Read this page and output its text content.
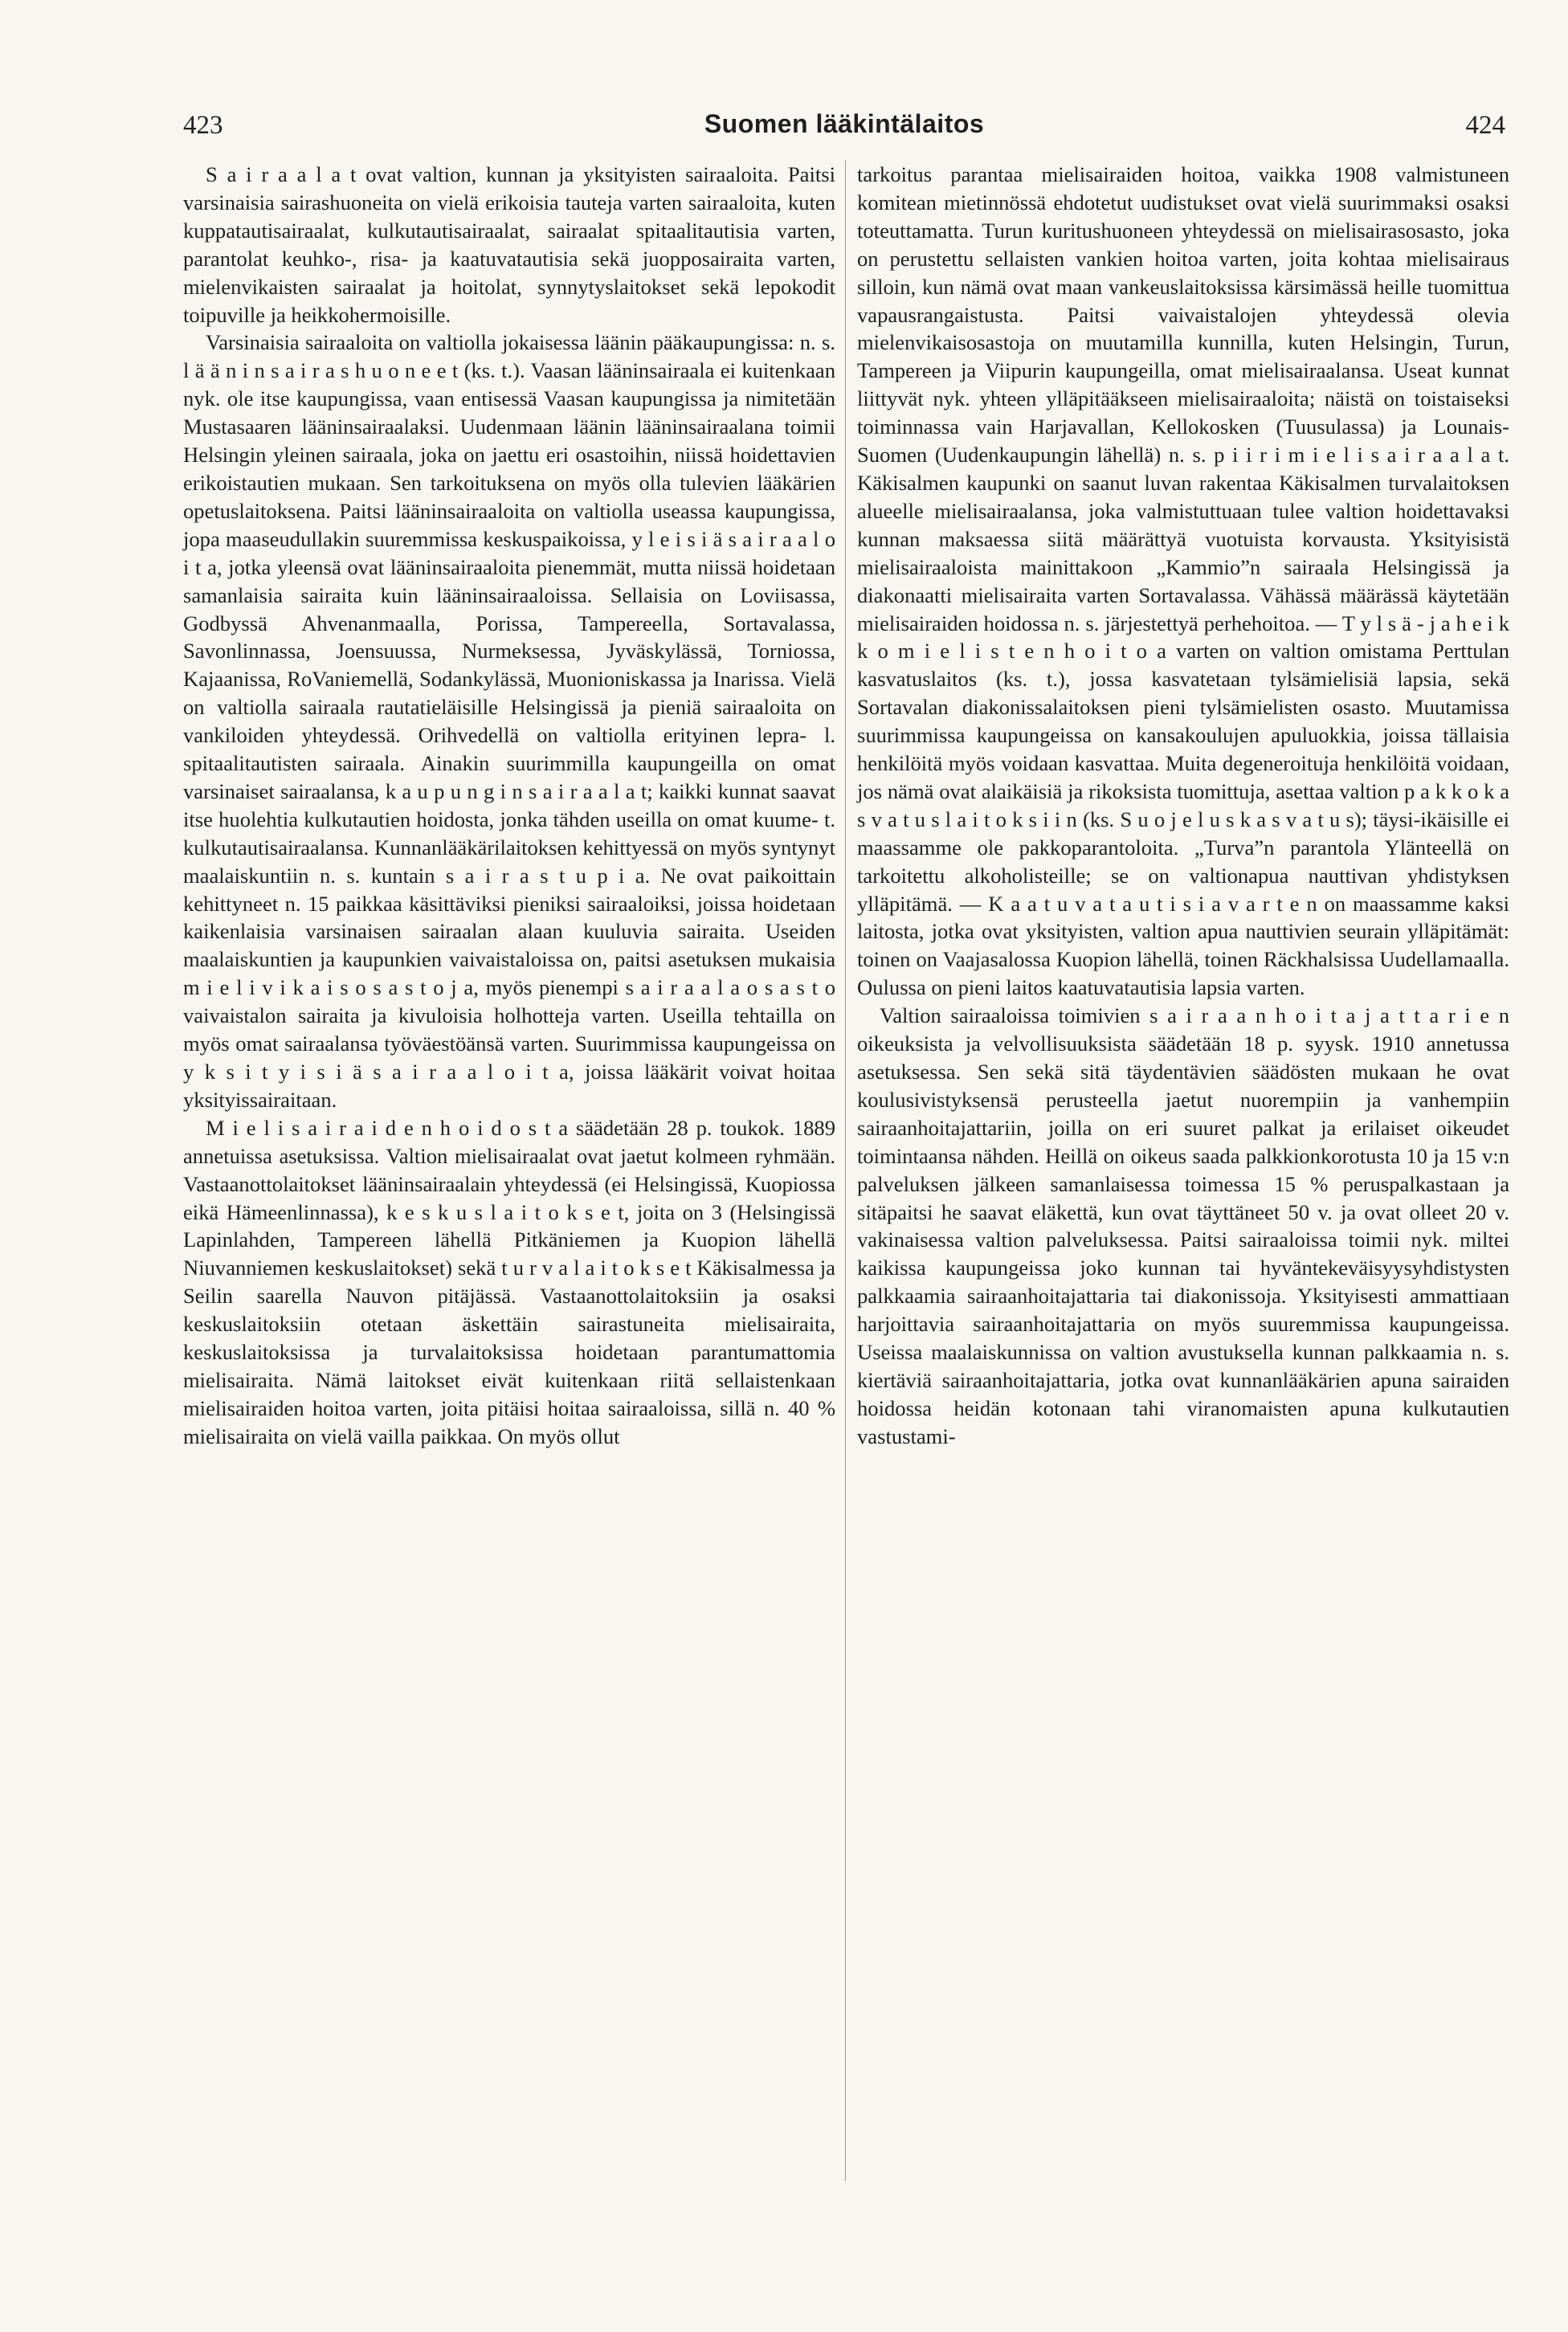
423	Suomen lääkintälaitos	424

S a i r a a l a t ovat valtion, kunnan ja yksityisten sairaaloita. Paitsi varsinaisia sairashuoneita on vielä erikoisia tauteja varten sairaaloita, kuten kuppatautisairaalat, kulkutautisairaalat, sairaalat spitaalitautisia varten, parantolat keuhko-, risa- ja kaatuvatautisia sekä juopposairaita varten, mielenvikaisten sairaalat ja hoitolat, synnytyslaitokset sekä lepokodit toipuville ja heikkohermoisille.

Varsinaisia sairaaloita on valtiolla jokaisessa läänin pääkaupungissa: n. s. l ä ä n i n s a i r a s h u o n e e t (ks. t.). Vaasan lääninsairaala ei kuitenkaan nyk. ole itse kaupungissa, vaan entisessä Vaasan kaupungissa ja nimitetään Mustasaaren lääninsairaalaksi. Uudenmaan läänin lääninsairaalana toimii Helsingin yleinen sairaala, joka on jaettu eri osastoihin, niissä hoidettavien erikoistautien mukaan. Sen tarkoituksena on myös olla tulevien lääkärien opetuslaitoksena. Paitsi lääninsairaaloita on valtiolla useassa kaupungissa, jopa maaseudullakin suuremmissa keskuspaikoissa, y l e i s i ä s a i r a a l o i t a, jotka yleensä ovat lääninsairaaloita pienemmät, mutta niissä hoidetaan samanlaisia sairaita kuin lääninsairaaloissa. Sellaisia on Loviisassa, Godbyssä Ahvenanmaalla, Porissa, Tampereella, Sortavalassa, Savonlinnassa, Joensuussa, Nurmeksessa, Jyväskylässä, Torniossa, Kajaanissa, RoVaniemellä, Sodankylässä, Muonioniskassa ja Inarissa. Vielä on valtiolla sairaala rautatieläisille Helsingissä ja pieniä sairaaloita on vankiloiden yhteydessä. Orihvedellä on valtiolla erityinen lepra- l. spitaalitautisten sairaala. Ainakin suurimmilla kaupungeilla on omat varsinaiset sairaalansa, k a u p u n g i n s a i r a a l a t; kaikki kunnat saavat itse huolehtia kulkutautien hoidosta, jonka tähden useilla on omat kuume- t. kulkutautisairaalansa. Kunnanlääkärilaitoksen kehittyessä on myös syntynyt maalaiskuntiin n. s. kuntain s a i r a s t u p i a. Ne ovat paikoittain kehittyneet n. 15 paikkaa käsittäviksi pieniksi sairaaloiksi, joissa hoidetaan kaikenlaisia varsinaisen sairaalan alaan kuuluvia sairaita. Useiden maalaiskuntien ja kaupunkien vaivaistaloissa on, paitsi asetuksen mukaisia m i e l i v i k a i s o s a s t o j a, myös pienempi s a i r a a l a o s a s t o vaivaistalon sairaita ja kivuloisia holhotteja varten. Useilla tehtailla on myös omat sairaalansa työväestöänsä varten. Suurimmissa kaupungeissa on y k s i t y i s i ä s a i r a a l o i t a, joissa lääkärit voivat hoitaa yksityissairaitaan.

M i e l i s a i r a i d e n h o i d o s t a säädetään 28 p. toukok. 1889 annetuissa asetuksissa. Valtion mielisairaalat ovat jaetut kolmeen ryhmään. Vastaanottolaitokset lääninsairaalain yhteydessä (ei Helsingissä, Kuopiossa eikä Hämeenlinnassa), k e s k u s l a i t o k s e t, joita on 3 (Helsingissä Lapinlahden, Tampereen lähellä Pitkäniemen ja Kuopion lähellä Niuvanniemen keskuslaitokset) sekä t u r v a l a i t o k s e t Käkisalmessa ja Seilin saarella Nauvon pitäjässä. Vastaanottolaitoksiin ja osaksi keskuslaitoksiin otetaan äskettäin sairastuneita mielisairaita, keskuslaitoksissa ja turvalaitoksissa hoidetaan parantumattomia mielisairaita. Nämä laitokset eivät kuitenkaan riitä sellaistenkaan mielisairaiden hoitoa varten, joita pitäisi hoitaa sairaaloissa, sillä n. 40 % mielisairaita on vielä vailla paikkaa. On myös ollut

tarkoitus parantaa mielisairaiden hoitoa, vaikka 1908 valmistuneen komitean mietinnössä ehdotetut uudistukset ovat vielä suurimmaksi osaksi toteuttamatta. Turun kuritushuoneen yhteydessä on mielisairasosasto, joka on perustettu sellaisten vankien hoitoa varten, joita kohtaa mielisairaus silloin, kun nämä ovat maan vankeuslaitoksissa kärsimässä heille tuomittua vapausrangaistusta. Paitsi vaivaistalojen yhteydessä olevia mielenvikaisosastoja on muutamilla kunnilla, kuten Helsingin, Turun, Tampereen ja Viipurin kaupungeilla, omat mielisairaalansa. Useat kunnat liittyvät nyk. yhteen ylläpitääkseen mielisairaaloita; näistä on toistaiseksi toiminnassa vain Harjavallan, Kellokosken (Tuusulassa) ja Lounais-Suomen (Uudenkaupungin lähellä) n. s. p i i r i m i e l i s a i r a a l a t. Käkisalmen kaupunki on saanut luvan rakentaa Käkisalmen turvalaitoksen alueelle mielisairaalansa, joka valmistuttuaan tulee valtion hoidettavaksi kunnan maksaessa siitä määrättyä vuotuista korvausta. Yksityisistä mielisairaaloista mainittakoon „Kammio”n sairaala Helsingissä ja diakonaatti mielisairaita varten Sortavalassa. Vähässä määrässä käytetään mielisairaiden hoidossa n. s. järjestettyä perhehoitoa. — T y l s ä - j a h e i k k o m i e l i s t e n h o i t o a varten on valtion omistama Perttulan kasvatuslaitos (ks. t.), jossa kasvatetaan tylsämielisiä lapsia, sekä Sortavalan diakonissalaitoksen pieni tylsämielisten osasto. Muutamissa suurimmissa kaupungeissa on kansakoulujen apuluokkia, joissa tällaisia henkilöitä myös voidaan kasvattaa. Muita degeneroituja henkilöitä voidaan, jos nämä ovat alaikäisiä ja rikoksista tuomittuja, asettaa valtion p a k k o k a s v a t u s l a i t o k s i i n (ks. S u o j e l u s k a s v a t u s); täysi-ikäisille ei maassamme ole pakkoparantoloita. „Turva”n parantola Ylänteellä on tarkoitettu alkoholisteille; se on valtionapua nauttivan yhdistyksen ylläpitämä. — K a a t u v a t a u t i s i a v a r t e n on maassamme kaksi laitosta, jotka ovat yksityisten, valtion apua nauttivien seurain ylläpitämät: toinen on Vaajasalossa Kuopion lähellä, toinen Räckhalsissa Uudellamaalla. Oulussa on pieni laitos kaatuvatautisia lapsia varten.

Valtion sairaaloissa toimivien s a i r a a n h o i t a j a t t a r i e n oikeuksista ja velvollisuuksista säädetään 18 p. syysk. 1910 annetussa asetuksessa. Sen sekä sitä täydentävien säädösten mukaan he ovat koulusivistyksensä perusteella jaetut nuorempiin ja vanhempiin sairaanhoitajattariin, joilla on eri suuret palkat ja erilaiset oikeudet toimintaansa nähden. Heillä on oikeus saada palkkionkorotusta 10 ja 15 v:n palveluksen jälkeen samanlaisessa toimessa 15 % peruspalkastaan ja sitäpaitsi he saavat eläkettä, kun ovat täyttäneet 50 v. ja ovat olleet 20 v. vakinaisessa valtion palveluksessa. Paitsi sairaaloissa toimii nyk. miltei kaikissa kaupungeissa joko kunnan tai hyväntekeväisyysyhdistysten palkkaamia sairaanhoitajattaria tai diakonissoja. Yksityisesti ammattiaan harjoittavia sairaanhoitajattaria on myös suuremmissa kaupungeissa. Useissa maalaiskunnissa on valtion avustuksella kunnan palkkaamia n. s. kiertäviä sairaanhoitajattaria, jotka ovat kunnanlääkärien apuna sairaiden hoidossa heidän kotonaan tahi viranomaisten apuna kulkutautien vastustami-
